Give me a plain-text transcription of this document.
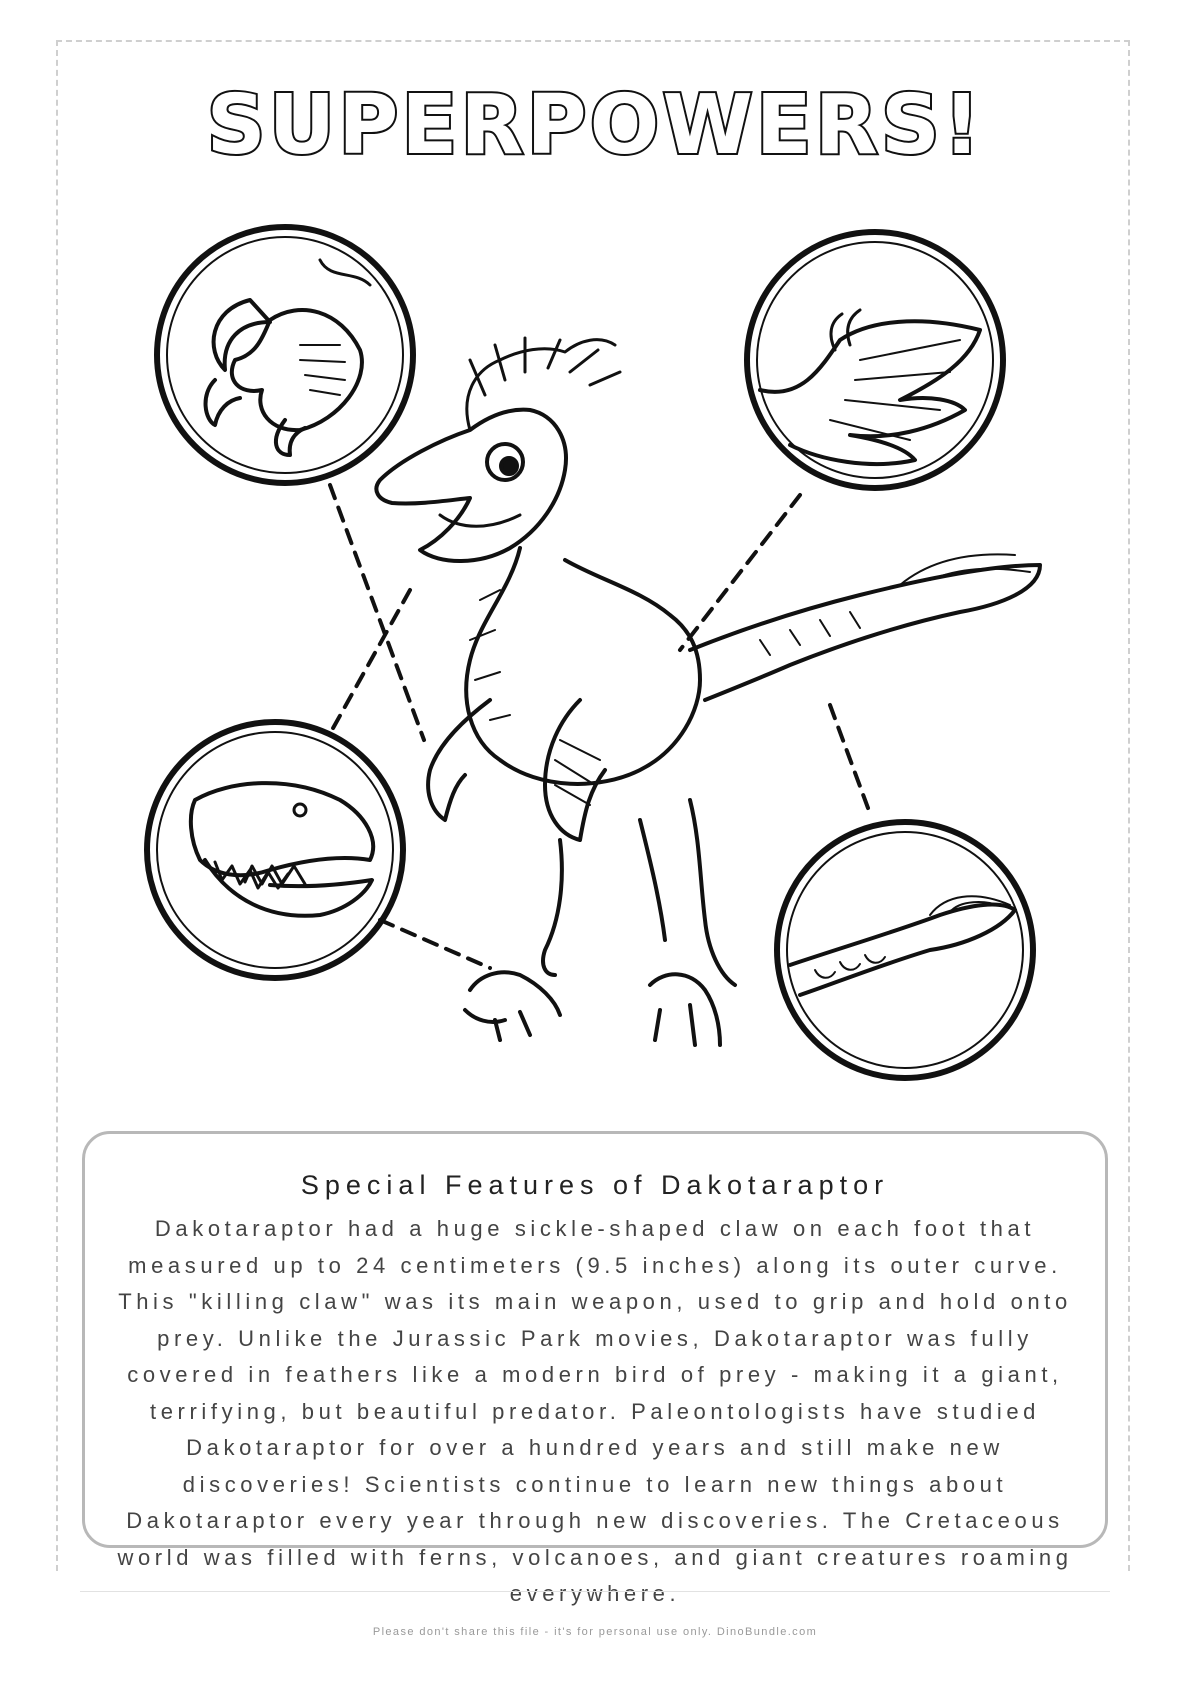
SUPERPOWERS!
Special Features of Dakotaraptor

Dakotaraptor had a huge sickle-shaped claw on each foot that measured up to 24 centimeters (9.5 inches) along its outer curve. This "killing claw" was its main weapon, used to grip and hold onto prey. Unlike the Jurassic Park movies, Dakotaraptor was fully covered in feathers like a modern bird of prey - making it a giant, terrifying, but beautiful predator. Paleontologists have studied Dakotaraptor for over a hundred years and still make new discoveries! Scientists continue to learn new things about Dakotaraptor every year through new discoveries. The Cretaceous world was filled with ferns, volcanoes, and giant creatures roaming everywhere.

Please don't share this file - it's for personal use only. DinoBundle.com
